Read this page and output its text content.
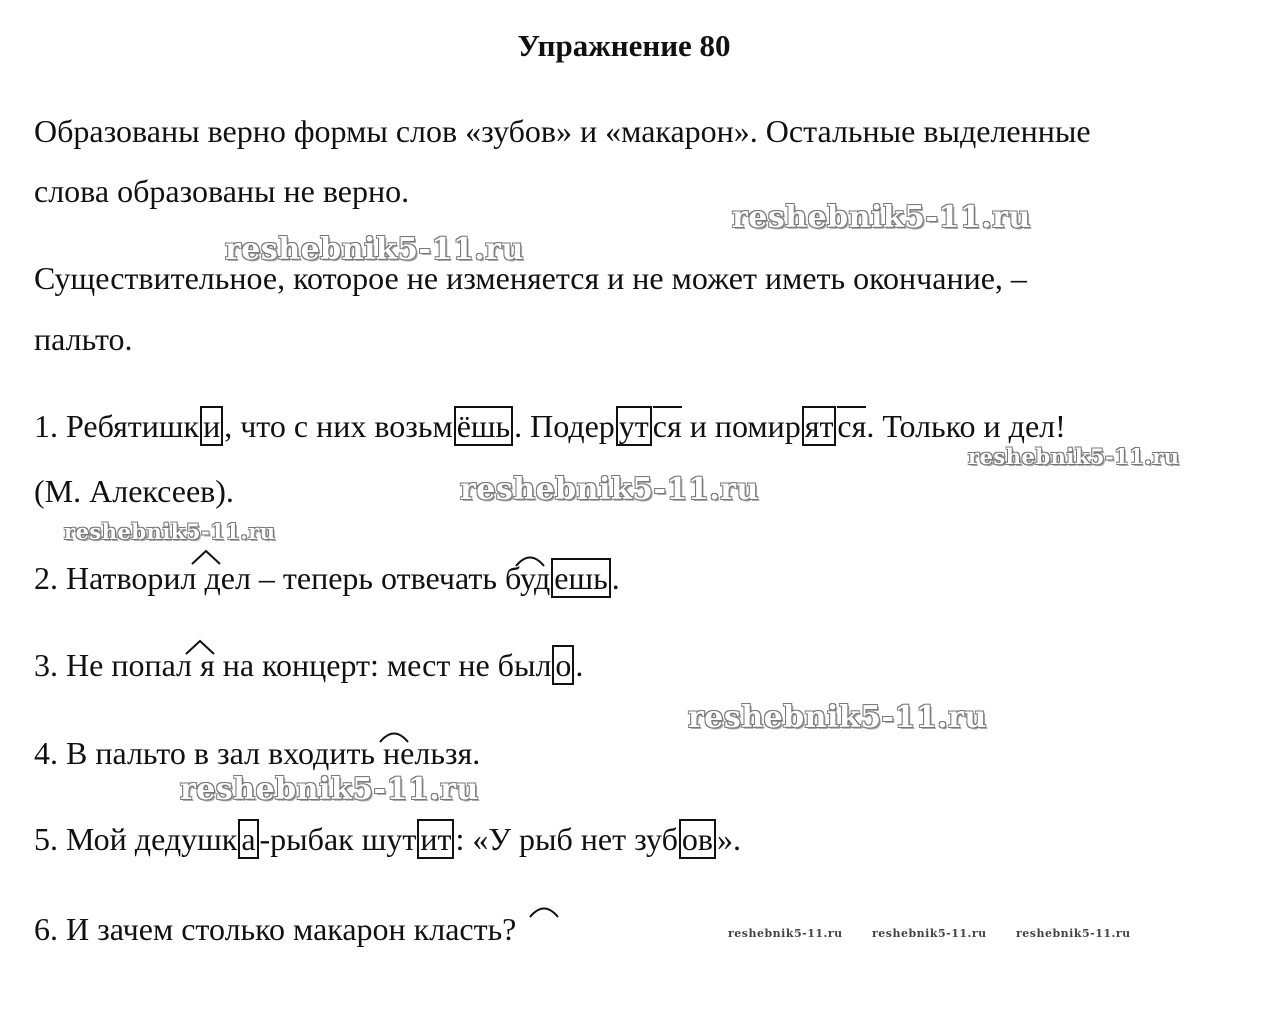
Упражнение 80
Образованы верно формы слов «зубов» и «макарон». Остальные выделенные
слова образованы не верно.
Существительное, которое не изменяется и не может иметь окончание, –
пальто.
1. Ребятишк и , что с них возьм ёшь . Подер ут ся и помир ят ся. Только и дел!
(М. Алексеев).
2. Натворил дел – теперь отвечать буд ешь .
3. Не попал я на концерт: мест не был о .
4. В пальто в зал входить нельзя.
5. Мой дедушк а -рыбак шут ит : «У рыб нет зуб ов ».
6. И зачем столько макарон класть?
reshebnik5-11.ru
reshebnik5-11.ru
reshebnik5-11.ru
reshebnik5-11.ru
reshebnik5-11.ru
reshebnik5-11.ru
reshebnik5-11.ru
reshebnik5-11.ru	reshebnik5-11.ru	reshebnik5-11.ru
